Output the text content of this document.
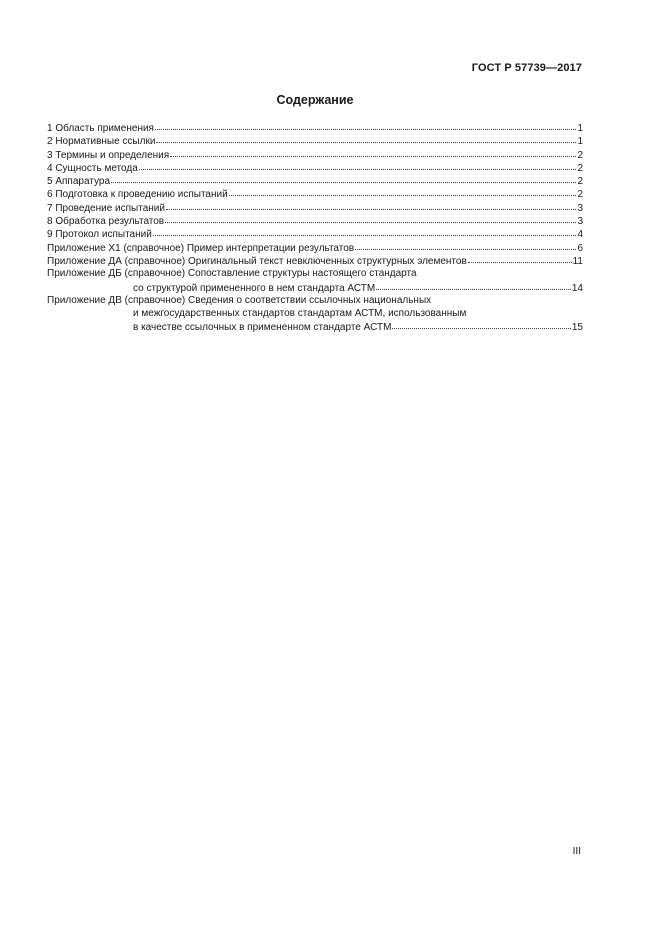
ГОСТ Р 57739—2017
Содержание
1 Область применения	1
2 Нормативные ссылки	1
3 Термины и определения	2
4 Сущность метода	2
5 Аппаратура	2
6 Подготовка к проведению испытаний	2
7 Проведение испытаний	3
8 Обработка результатов	3
9 Протокол испытаний	4
Приложение X1 (справочное) Пример интерпретации результатов	6
Приложение ДА (справочное) Оригинальный текст невключенных структурных элементов	11
Приложение ДБ (справочное) Сопоставление структуры настоящего стандарта
со структурой примененного в нем стандарта АСТМ	14
Приложение ДВ (справочное) Сведения о соответствии ссылочных национальных
и межгосударственных стандартов стандартам АСТМ, использованным
в качестве ссылочных в примененном стандарте АСТМ	15
III
